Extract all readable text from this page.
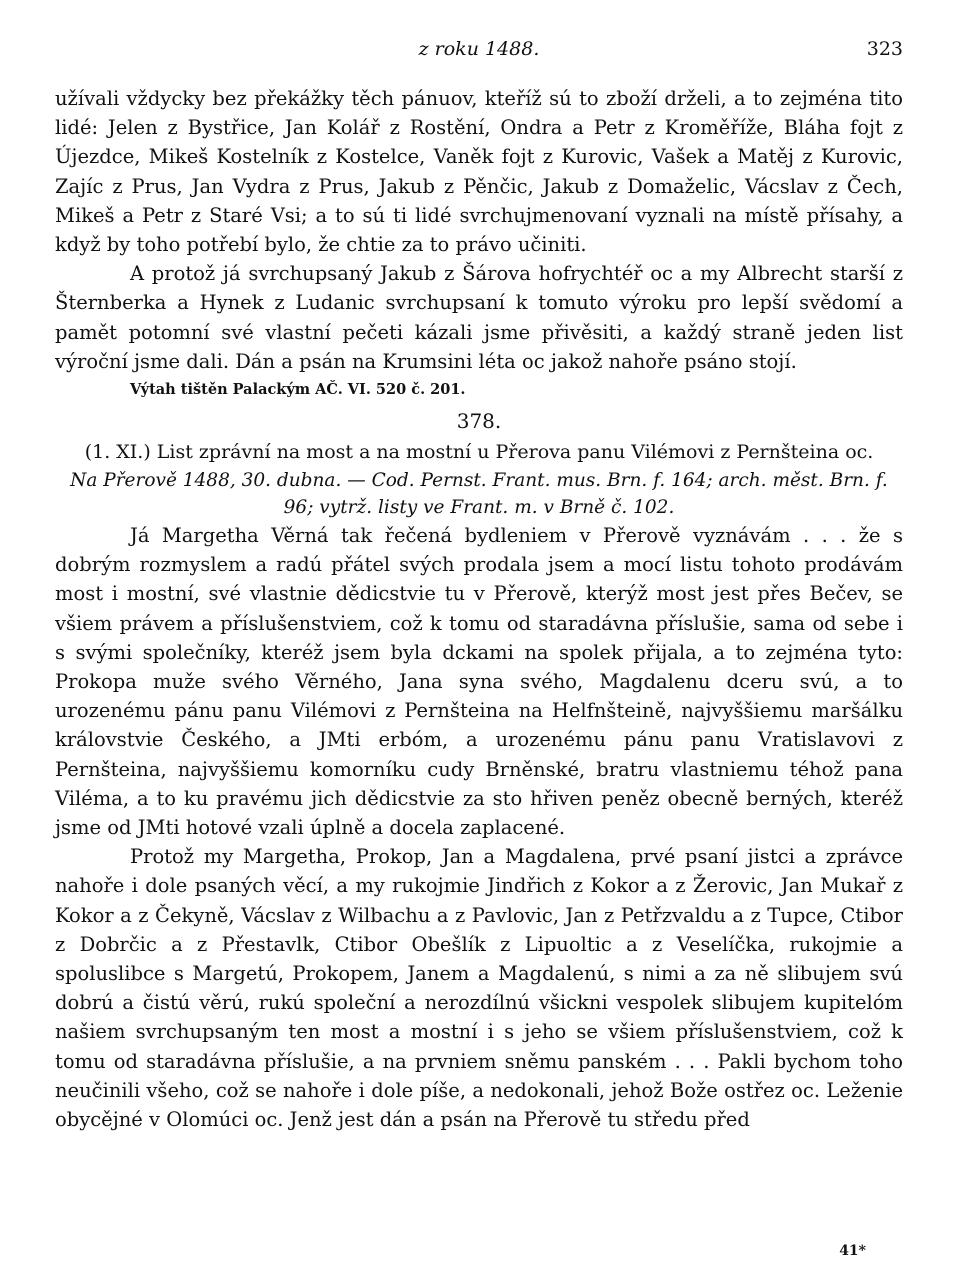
z roku 1488.	323

užívali vždycky bez překážky těch pánuov, kteříž sú to zboží drželi, a to zejména tito lidé: Jelen z Bystřice, Jan Kolář z Rostění, Ondra a Petr z Kroměříže, Bláha fojt z Újezdce, Mikeš Kostelník z Kostelce, Vaněk fojt z Kurovic, Vašek a Matěj z Kurovic, Zajíc z Prus, Jan Vydra z Prus, Jakub z Pěnčic, Jakub z Domaželic, Vácslav z Čech, Mikeš a Petr z Staré Vsi; a to sú ti lidé svrchujmenovaní vyznali na místě přísahy, a když by toho potřebí bylo, že chtie za to právo učiniti.

A protož já svrchupsaný Jakub z Šárova hofrychtéř oc a my Albrecht starší z Šternberka a Hynek z Ludanic svrchupsaní k tomuto výroku pro lepší svědomí a pamět potomní své vlastní pečeti kázali jsme přivěsiti, a každý straně jeden list výroční jsme dali. Dán a psán na Krumsini léta oc jakož nahoře psáno stojí.

Výtah tištěn Palackým AČ. VI. 520 č. 201.

378.

(1. XI.) List zprávní na most a na mostní u Přerova panu Vilémovi z Pernšteina oc.

Na Přerově 1488, 30. dubna. — Cod. Pernst. Frant. mus. Brn. f. 164; arch. měst. Brn. f. 96; vytrž. listy ve Frant. m. v Brně č. 102.

Já Margetha Věrná tak řečená bydleniem v Přerově vyznávám . . . že s dobrým rozmyslem a radú přátel svých prodala jsem a mocí listu tohoto prodávám most i mostní, své vlastnie dědicstvie tu v Přerově, kterýž most jest přes Bečev, se všiem právem a příslušenstviem, což k tomu od staradávna příslušie, sama od sebe i s svými společníky, kteréž jsem byla dckami na spolek přijala, a to zejména tyto: Prokopa muže svého Věrného, Jana syna svého, Magdalenu dceru svú, a to urozenému pánu panu Vilémovi z Pernšteina na Helfnšteině, najvyššiemu maršálku královstvie Českého, a JMti erbóm, a urozenému pánu panu Vratislavovi z Pernšteina, najvyššiemu komorníku cudy Brněnské, bratru vlastniemu téhož pana Viléma, a to ku pravému jich dědicstvie za sto hřiven peněz obecně berných, kteréž jsme od JMti hotové vzali úplně a docela zaplacené.

Protož my Margetha, Prokop, Jan a Magdalena, prvé psaní jistci a zprávce nahoře i dole psaných věcí, a my rukojmie Jindřich z Kokor a z Žerovic, Jan Mukař z Kokor a z Čekyně, Vácslav z Wilbachu a z Pavlovic, Jan z Petřzvaldu a z Tupce, Ctibor z Dobrčic a z Přestavlk, Ctibor Obešlík z Lipuoltic a z Veselíčka, rukojmie a spoluslibce s Margetú, Prokopem, Janem a Magdalenú, s nimi a za ně slibujem svú dobrú a čistú věrú, rukú společní a nerozdílnú všickni vespolek slibujem kupitelóm našiem svrchupsaným ten most a mostní i s jeho se všiem příslušenstviem, což k tomu od staradávna příslušie, a na prvniem sněmu panském . . . Pakli bychom toho neučinili všeho, což se nahoře i dole píše, a nedokonali, jehož Bože ostřez oc. Leženie obycějné v Olomúci oc. Jenž jest dán a psán na Přerově tu středu před

41*
